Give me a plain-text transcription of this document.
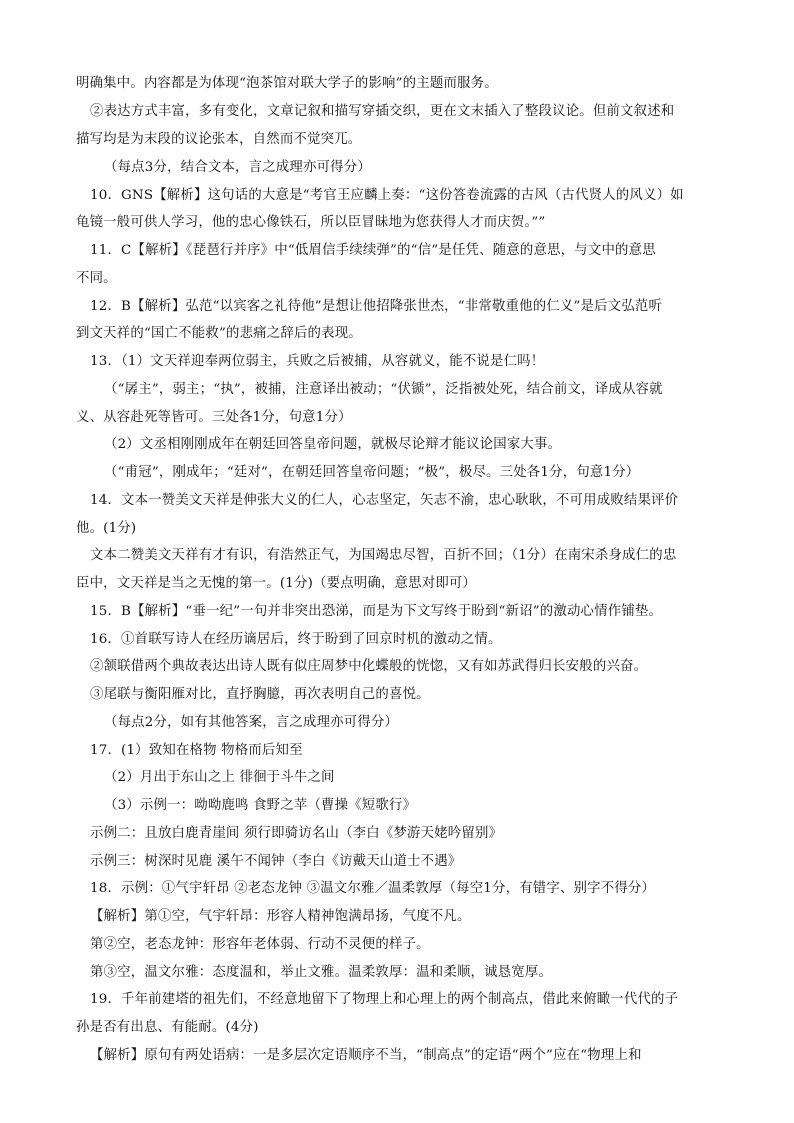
明确集中。内容都是为体现“泡茶馆对联大学子的影响”的主题而服务。
②表达方式丰富，多有变化，文章记叙和描写穿插交织，更在文末插入了整段议论。但前文叙述和
描写均是为末段的议论张本，自然而不觉突兀。
（每点3分，结合文本，言之成理亦可得分）
10．GNS【解析】这句话的大意是“考官王应麟上奏：“这份答卷流露的古风（古代贤人的风义）如
龟镜一般可供人学习，他的忠心像铁石，所以臣冒昧地为您获得人才而庆贺。””
11．C【解析】《琵琶行并序》中“低眉信手续续弹”的“信”是任凭、随意的意思，与文中的意思
不同。
12．B【解析】弘范“以宾客之礼待他”是想让他招降张世杰，“非常敬重他的仁义”是后文弘范听
到文天祥的“国亡不能救”的悲痛之辞后的表现。
13．（1）文天祥迎奉两位弱主，兵败之后被捕，从容就义，能不说是仁吗！
（“孱主”，弱主；“执”，被捕，注意译出被动；“伏锧”，泛指被处死，结合前文，译成从容就
义、从容赴死等皆可。三处各1分，句意1分）
（2）文丞相刚刚成年在朝廷回答皇帝问题，就极尽论辩才能议论国家大事。
（“甫冠”，刚成年；“廷对”，在朝廷回答皇帝问题；“极”，极尽。三处各1分，句意1分）
14．文本一赞美文天祥是伸张大义的仁人，心志坚定，矢志不渝，忠心耿耿，不可用成败结果评价
他。(1分)
文本二赞美文天祥有才有识，有浩然正气，为国竭忠尽智，百折不回；（1分）在南宋杀身成仁的忠
臣中，文天祥是当之无愧的第一。(1分)（要点明确，意思对即可）
15．B【解析】“垂一纪”一句并非突出恐涕，而是为下文写终于盼到“新诏”的激动心情作铺垫。
16．①首联写诗人在经历谪居后，终于盼到了回京时机的激动之情。
②颔联借两个典故表达出诗人既有似庄周梦中化蝶般的恍惚，又有如苏武得归长安般的兴奋。
③尾联与衡阳雁对比，直抒胸臆，再次表明自己的喜悦。
（每点2分，如有其他答案，言之成理亦可得分）
17．(1）致知在格物 物格而后知至
（2）月出于东山之上 徘徊于斗牛之间
（3）示例一：呦呦鹿鸣 食野之苹（曹操《短歌行》
示例二：且放白鹿青崖间 须行即骑访名山（李白《梦游天姥吟留别》
示例三：树深时见鹿 溪午不闻钟（李白《访戴天山道士不遇》
18．示例：①气宇轩昂 ②老态龙钟 ③温文尔雅／温柔敦厚（每空1分，有错字、别字不得分）
【解析】第①空，气宇轩昂：形容人精神饱满昂扬，气度不凡。
第②空，老态龙钟：形容年老体弱、行动不灵便的样子。
第③空，温文尔雅：态度温和，举止文雅。温柔敦厚：温和柔顺，诚恳宽厚。
19．千年前建塔的祖先们，不经意地留下了物理上和心理上的两个制高点，借此来俯瞰一代代的子
孙是否有出息、有能耐。(4分)
【解析】原句有两处语病：一是多层次定语顺序不当，“制高点”的定语“两个”应在“物理上和
